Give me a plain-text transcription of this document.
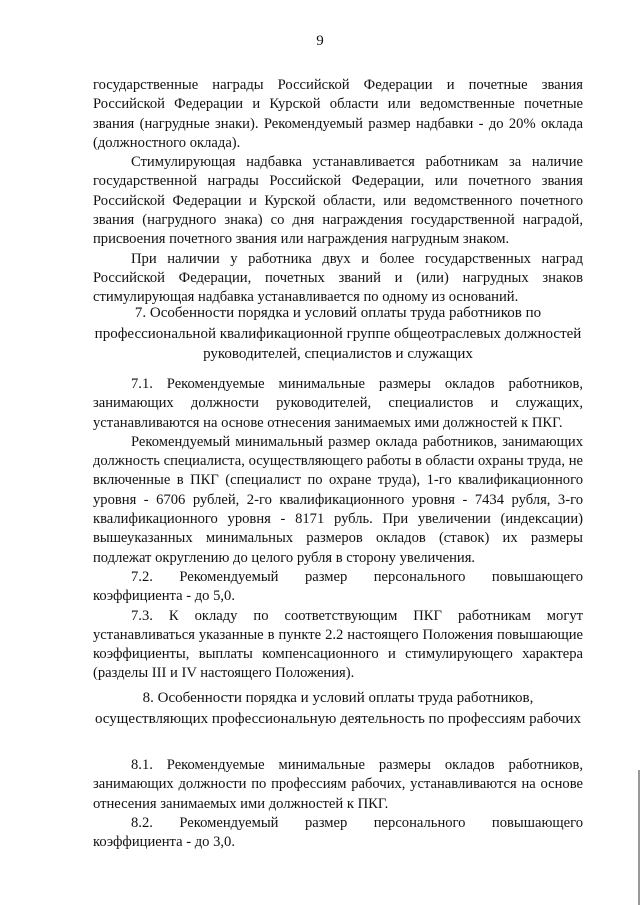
9

государственные награды Российской Федерации и почетные звания Российской Федерации и Курской области или ведомственные почетные звания (нагрудные знаки). Рекомендуемый размер надбавки - до 20% оклада (должностного оклада).

Стимулирующая надбавка устанавливается работникам за наличие государственной награды Российской Федерации, или почетного звания Российской Федерации и Курской области, или ведомственного почетного звания (нагрудного знака) со дня награждения государственной наградой, присвоения почетного звания или награждения нагрудным знаком.

При наличии у работника двух и более государственных наград Российской Федерации, почетных званий и (или) нагрудных знаков стимулирующая надбавка устанавливается по одному из оснований.

7. Особенности порядка и условий оплаты труда работников по профессиональной квалификационной группе общеотраслевых должностей руководителей, специалистов и служащих

7.1. Рекомендуемые минимальные размеры окладов работников, занимающих должности руководителей, специалистов и служащих, устанавливаются на основе отнесения занимаемых ими должностей к ПКГ.

Рекомендуемый минимальный размер оклада работников, занимающих должность специалиста, осуществляющего работы в области охраны труда, не включенные в ПКГ (специалист по охране труда), 1-го квалификационного уровня - 6706 рублей, 2-го квалификационного уровня - 7434 рубля, 3-го квалификационного уровня - 8171 рубль. При увеличении (индексации) вышеуказанных минимальных размеров окладов (ставок) их размеры подлежат округлению до целого рубля в сторону увеличения.

7.2. Рекомендуемый размер персонального повышающего коэффициента - до 5,0.

7.3. К окладу по соответствующим ПКГ работникам могут устанавливаться указанные в пункте 2.2 настоящего Положения повышающие коэффициенты, выплаты компенсационного и стимулирующего характера (разделы III и IV настоящего Положения).

8. Особенности порядка и условий оплаты труда работников, осуществляющих профессиональную деятельность по профессиям рабочих

8.1. Рекомендуемые минимальные размеры окладов работников, занимающих должности по профессиям рабочих, устанавливаются на основе отнесения занимаемых ими должностей к ПКГ.

8.2. Рекомендуемый размер персонального повышающего коэффициента - до 3,0.
